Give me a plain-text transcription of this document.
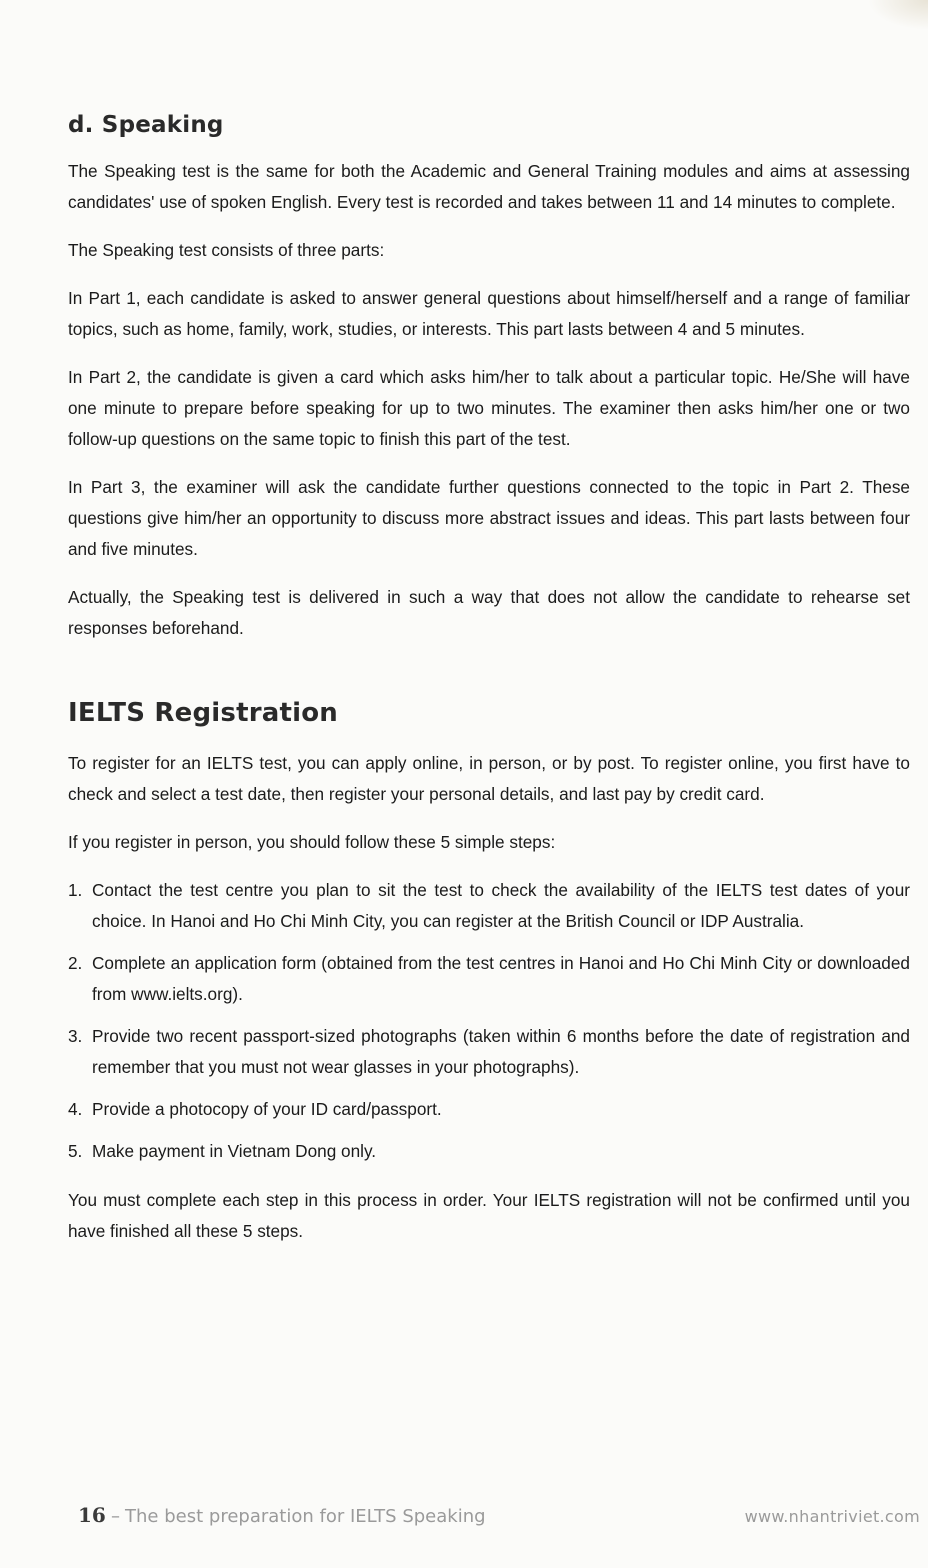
d. Speaking

The Speaking test is the same for both the Academic and General Training modules and aims at assessing candidates' use of spoken English. Every test is recorded and takes between 11 and 14 minutes to complete.

The Speaking test consists of three parts:

In Part 1, each candidate is asked to answer general questions about himself/herself and a range of familiar topics, such as home, family, work, studies, or interests. This part lasts between 4 and 5 minutes.

In Part 2, the candidate is given a card which asks him/her to talk about a particular topic. He/She will have one minute to prepare before speaking for up to two minutes. The examiner then asks him/her one or two follow-up questions on the same topic to finish this part of the test.

In Part 3, the examiner will ask the candidate further questions connected to the topic in Part 2. These questions give him/her an opportunity to discuss more abstract issues and ideas. This part lasts between four and five minutes.

Actually, the Speaking test is delivered in such a way that does not allow the candidate to rehearse set responses beforehand.

IELTS Registration

To register for an IELTS test, you can apply online, in person, or by post. To register online, you first have to check and select a test date, then register your personal details, and last pay by credit card.

If you register in person, you should follow these 5 simple steps:

1. Contact the test centre you plan to sit the test to check the availability of the IELTS test dates of your choice. In Hanoi and Ho Chi Minh City, you can register at the British Council or IDP Australia.
2. Complete an application form (obtained from the test centres in Hanoi and Ho Chi Minh City or downloaded from www.ielts.org).
3. Provide two recent passport-sized photographs (taken within 6 months before the date of registration and remember that you must not wear glasses in your photographs).
4. Provide a photocopy of your ID card/passport.
5. Make payment in Vietnam Dong only.

You must complete each step in this process in order. Your IELTS registration will not be confirmed until you have finished all these 5 steps.

16 – The best preparation for IELTS Speaking	www.nhantriviet.com
